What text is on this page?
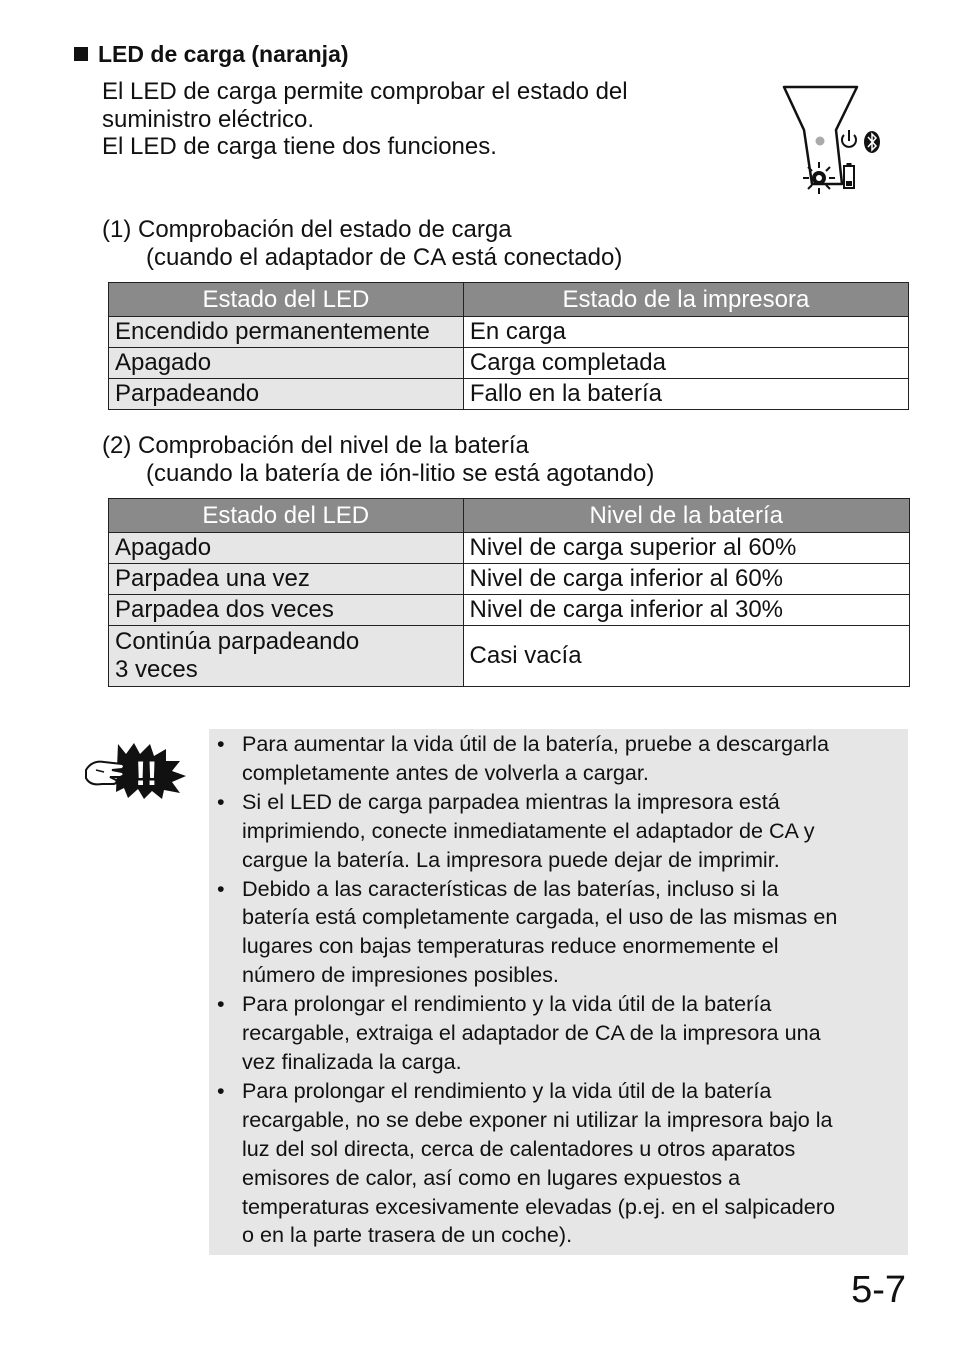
LED de carga (naranja)
El LED de carga permite comprobar el estado del
suministro eléctrico.
El LED de carga tiene dos funciones.
(1) Comprobación del estado de carga
(cuando el adaptador de CA está conectado)
Estado del LED	Estado de la impresora
Encendido permanentemente	En carga
Apagado	Carga completada
Parpadeando	Fallo en la batería
(2) Comprobación del nivel de la batería
(cuando la batería de ión-litio se está agotando)
Estado del LED	Nivel de la batería
Apagado	Nivel de carga superior al 60%
Parpadea una vez	Nivel de carga inferior al 60%
Parpadea dos veces	Nivel de carga inferior al 30%

Continúa parpadeando
3 veces	Casi vacía
!!
• Para aumentar la vida útil de la batería, pruebe a descargarla
completamente antes de volverla a cargar.
• Si el LED de carga parpadea mientras la impresora está
imprimiendo, conecte inmediatamente el adaptador de CA y
cargue la batería. La impresora puede dejar de imprimir.
• Debido a las características de las baterías, incluso si la
batería está completamente cargada, el uso de las mismas en
lugares con bajas temperaturas reduce enormemente el
número de impresiones posibles.
• Para prolongar el rendimiento y la vida útil de la batería
recargable, extraiga el adaptador de CA de la impresora una
vez finalizada la carga.
• Para prolongar el rendimiento y la vida útil de la batería
recargable, no se debe exponer ni utilizar la impresora bajo la
luz del sol directa, cerca de calentadores u otros aparatos
emisores de calor, así como en lugares expuestos a
temperaturas excesivamente elevadas (p.ej. en el salpicadero
o en la parte trasera de un coche).
5-7
